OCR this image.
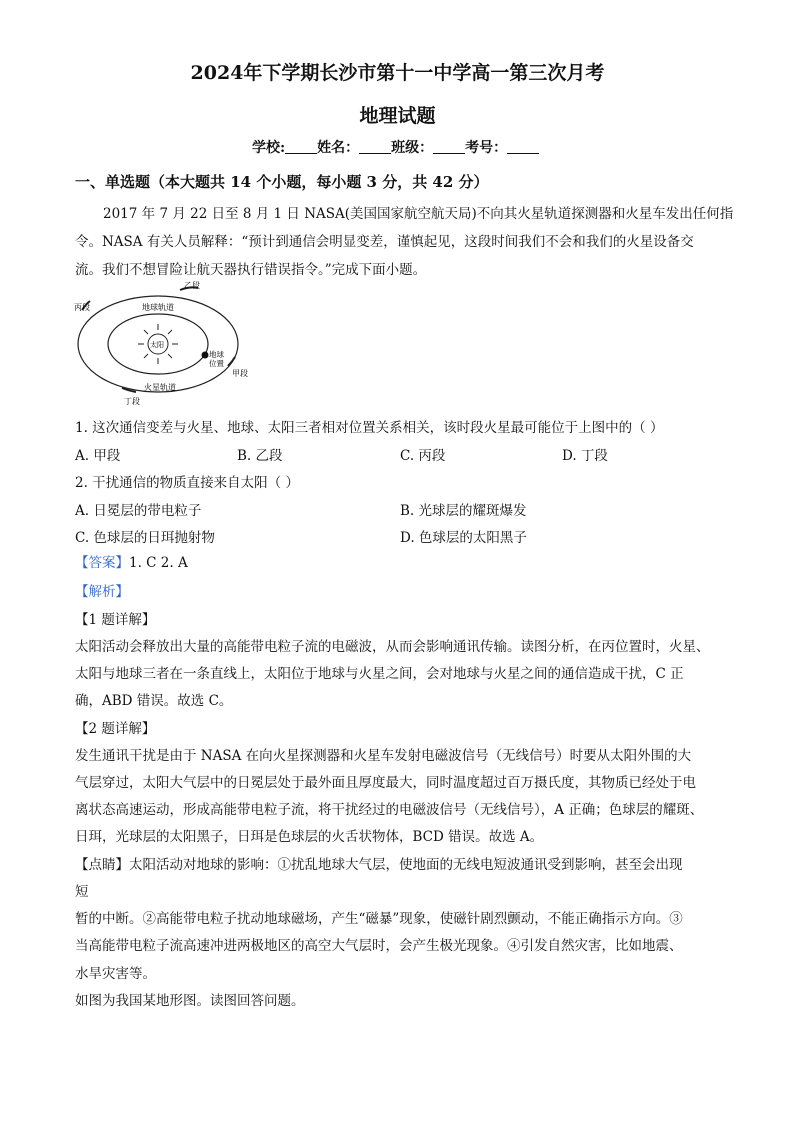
2024年下学期长沙市第十一中学高一第三次月考
地理试题
学校: 姓名： 班级： 考号：
一、单选题（本大题共 14 个小题，每小题 3 分，共 42 分）
2017 年 7 月 22 日至 8 月 1 日 NASA(美国国家航空航天局)不向其火星轨道探测器和火星车发出任何指
令。NASA 有关人员解释：“预计到通信会明显变差，谨慎起见，这段时间我们不会和我们的火星设备交
流。我们不想冒险让航天器执行错误指令。”完成下面小题。
乙段
丙段	地球轨道
太阳
地球
位置
甲段
火星轨道
丁段
1. 这次通信变差与火星、地球、太阳三者相对位置关系相关，该时段火星最可能位于上图中的（ ）
A. 甲段	B. 乙段	C. 丙段	D. 丁段
2. 干扰通信的物质直接来自太阳（ ）
A. 日冕层的带电粒子	B. 光球层的耀斑爆发
C. 色球层的日珥抛射物	D. 色球层的太阳黑子
【答案】1. C 2. A
【解析】
【1 题详解】
太阳活动会释放出大量的高能带电粒子流的电磁波，从而会影响通讯传输。读图分析，在丙位置时，火星、
太阳与地球三者在一条直线上，太阳位于地球与火星之间，会对地球与火星之间的通信造成干扰，C 正
确，ABD 错误。故选 C。
【2 题详解】
发生通讯干扰是由于 NASA 在向火星探测器和火星车发射电磁波信号（无线信号）时要从太阳外围的大
气层穿过，太阳大气层中的日冕层处于最外面且厚度最大，同时温度超过百万摄氏度，其物质已经处于电
离状态高速运动，形成高能带电粒子流，将干扰经过的电磁波信号（无线信号），A 正确；色球层的耀斑、
日珥，光球层的太阳黑子，日珥是色球层的火舌状物体，BCD 错误。故选 A。
【点睛】太阳活动对地球的影响：①扰乱地球大气层，使地面的无线电短波通讯受到影响，甚至会出现
短
暂的中断。②高能带电粒子扰动地球磁场，产生“磁暴”现象，使磁针剧烈颤动，不能正确指示方向。③
当高能带电粒子流高速冲进两极地区的高空大气层时，会产生极光现象。④引发自然灾害，比如地震、
水旱灾害等。
如图为我国某地形图。读图回答问题。
